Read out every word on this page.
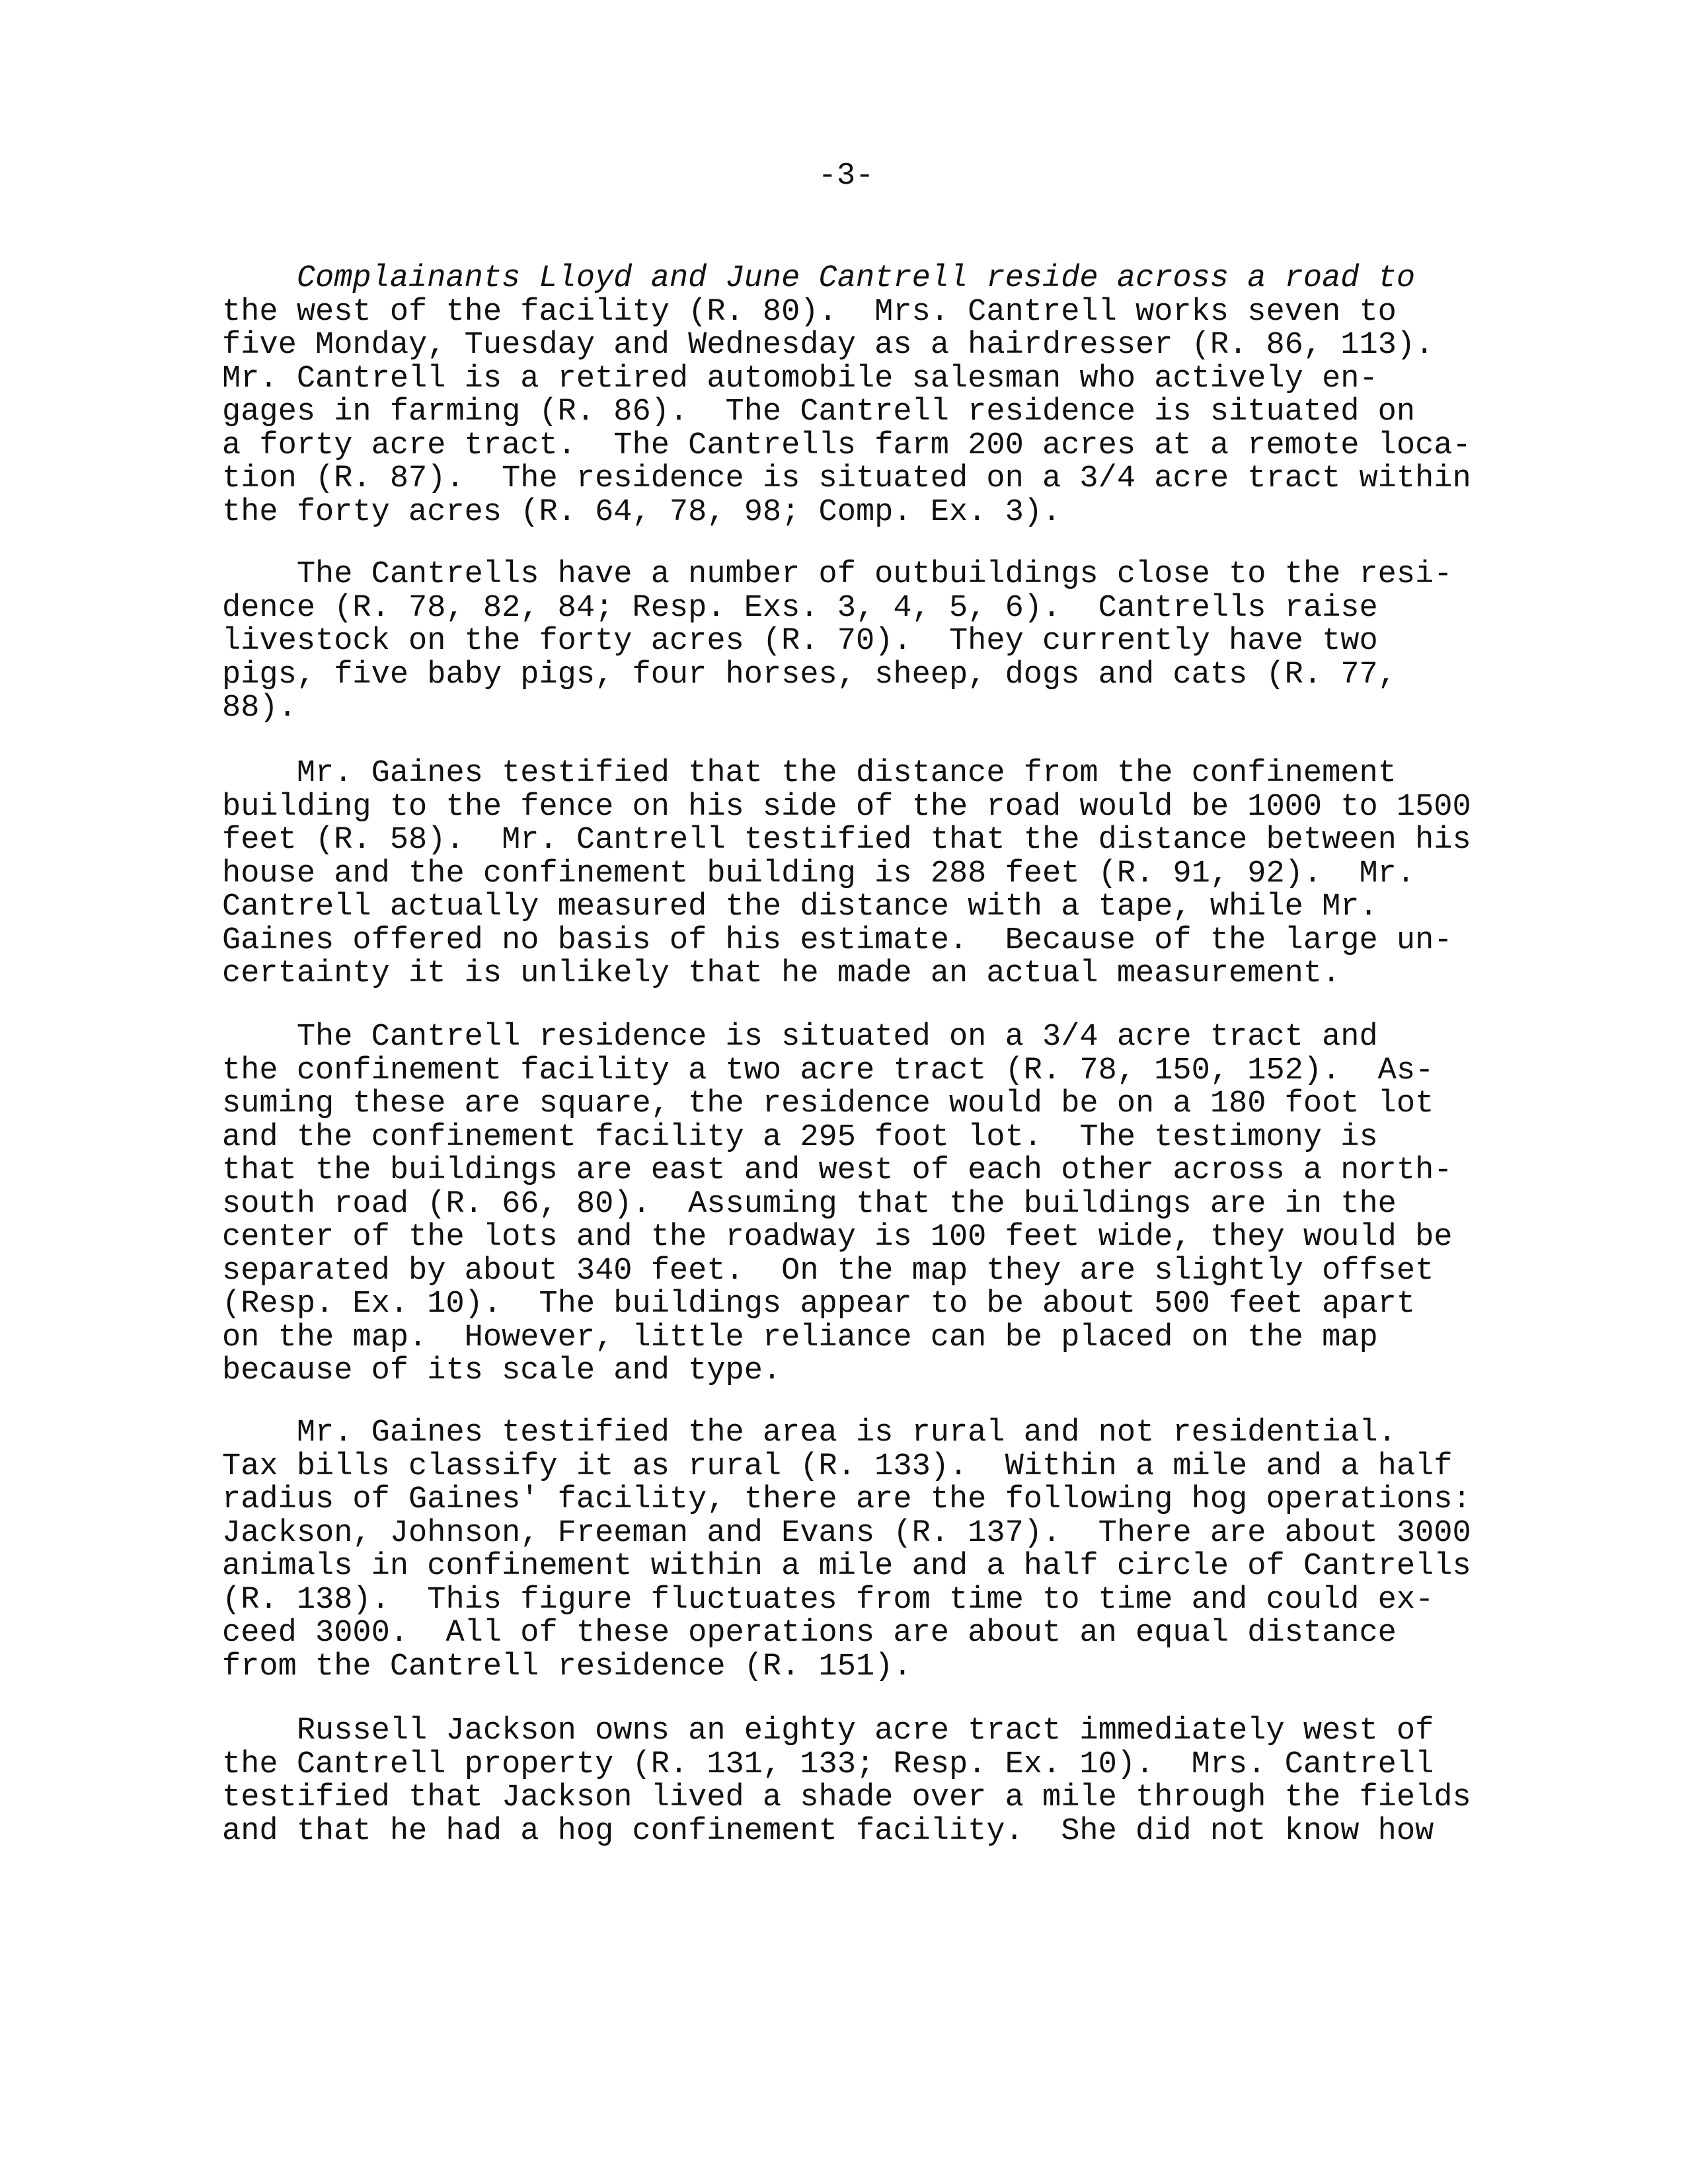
-3-
Complainants Lloyd and June Cantrell reside across a road to
the west of the facility (R. 80).  Mrs. Cantrell works seven to
five Monday, Tuesday and Wednesday as a hairdresser (R. 86, 113).
Mr. Cantrell is a retired automobile salesman who actively en-
gages in farming (R. 86).  The Cantrell residence is situated on
a forty acre tract.  The Cantrells farm 200 acres at a remote loca-
tion (R. 87).  The residence is situated on a 3/4 acre tract within
the forty acres (R. 64, 78, 98; Comp. Ex. 3).
The Cantrells have a number of outbuildings close to the resi-
dence (R. 78, 82, 84; Resp. Exs. 3, 4, 5, 6).  Cantrells raise
livestock on the forty acres (R. 70).  They currently have two
pigs, five baby pigs, four horses, sheep, dogs and cats (R. 77,
88).
Mr. Gaines testified that the distance from the confinement
building to the fence on his side of the road would be 1000 to 1500
feet (R. 58).  Mr. Cantrell testified that the distance between his
house and the confinement building is 288 feet (R. 91, 92).  Mr.
Cantrell actually measured the distance with a tape, while Mr.
Gaines offered no basis of his estimate.  Because of the large un-
certainty it is unlikely that he made an actual measurement.
The Cantrell residence is situated on a 3/4 acre tract and
the confinement facility a two acre tract (R. 78, 150, 152).  As-
suming these are square, the residence would be on a 180 foot lot
and the confinement facility a 295 foot lot.  The testimony is
that the buildings are east and west of each other across a north-
south road (R. 66, 80).  Assuming that the buildings are in the
center of the lots and the roadway is 100 feet wide, they would be
separated by about 340 feet.  On the map they are slightly offset
(Resp. Ex. 10).  The buildings appear to be about 500 feet apart
on the map.  However, little reliance can be placed on the map
because of its scale and type.
Mr. Gaines testified the area is rural and not residential.
Tax bills classify it as rural (R. 133).  Within a mile and a half
radius of Gaines' facility, there are the following hog operations:
Jackson, Johnson, Freeman and Evans (R. 137).  There are about 3000
animals in confinement within a mile and a half circle of Cantrells
(R. 138).  This figure fluctuates from time to time and could ex-
ceed 3000.  All of these operations are about an equal distance
from the Cantrell residence (R. 151).
Russell Jackson owns an eighty acre tract immediately west of
the Cantrell property (R. 131, 133; Resp. Ex. 10).  Mrs. Cantrell
testified that Jackson lived a shade over a mile through the fields
and that he had a hog confinement facility.  She did not know how
